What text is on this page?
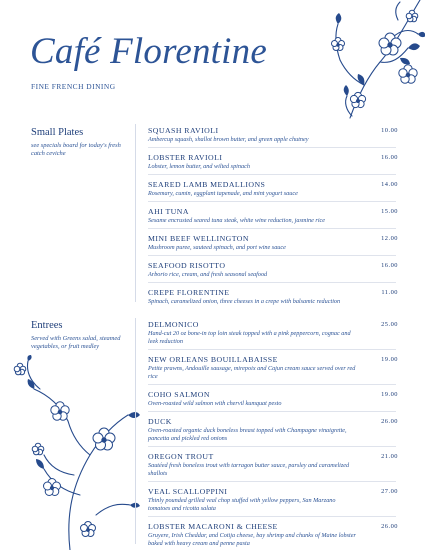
Café Florentine
FINE FRENCH DINING
Small Plates
see specials board for today's fresh catch ceviche
SQUASH RAVIOLI
Ambercup squash, shallot brown butter, and green apple chutney
10.00
LOBSTER RAVIOLI
Lobster, lemon butter, and wilted spinach
16.00
SEARED LAMB MEDALLIONS
Rosemary, cumin, eggplant tapenade, and mint yogurt sauce
14.00
AHI TUNA
Sesame encrusted seared tuna steak, white wine reduction, jasmine rice
15.00
MINI BEEF WELLINGTON
Mushroom puree, sauteed spinach, and port wine sauce
12.00
SEAFOOD RISOTTO
Arborio rice, cream, and fresh seasonal seafood
16.00
CREPE FLORENTINE
Spinach, caramelized onion, three cheeses in a crepe with balsamic reduction
11.00
Entrees
Served with Greens salad, steamed vegetables, or fruit medley
DELMONICO
Hand-cut 20 oz bone-in top loin steak topped with a pink peppercorn, cognac and leek reduction
25.00
NEW ORLEANS BOUILLABAISSE
Petite prawns, Andouille sausage, mirepoix and Cajun cream sauce served over red rice
19.00
COHO SALMON
Oven-roasted wild salmon with chervil kumquat pesto
19.00
DUCK
Oven-roasted organic duck boneless breast topped with Champagne vinaigrette, pancetta and pickled red onions
26.00
OREGON TROUT
Sautéed fresh boneless trout with tarragon butter sauce, parsley and caramelized shallots
21.00
VEAL SCALLOPPINI
Thinly pounded grilled veal chop stuffed with yellow peppers, San Marzano tomatoes and ricotta salata
27.00
LOBSTER MACARONI & CHEESE
Gruyere, Irish Cheddar, and Cotija cheese, bay shrimp and chunks of Maine lobster baked with heavy cream and penne pasta
26.00
